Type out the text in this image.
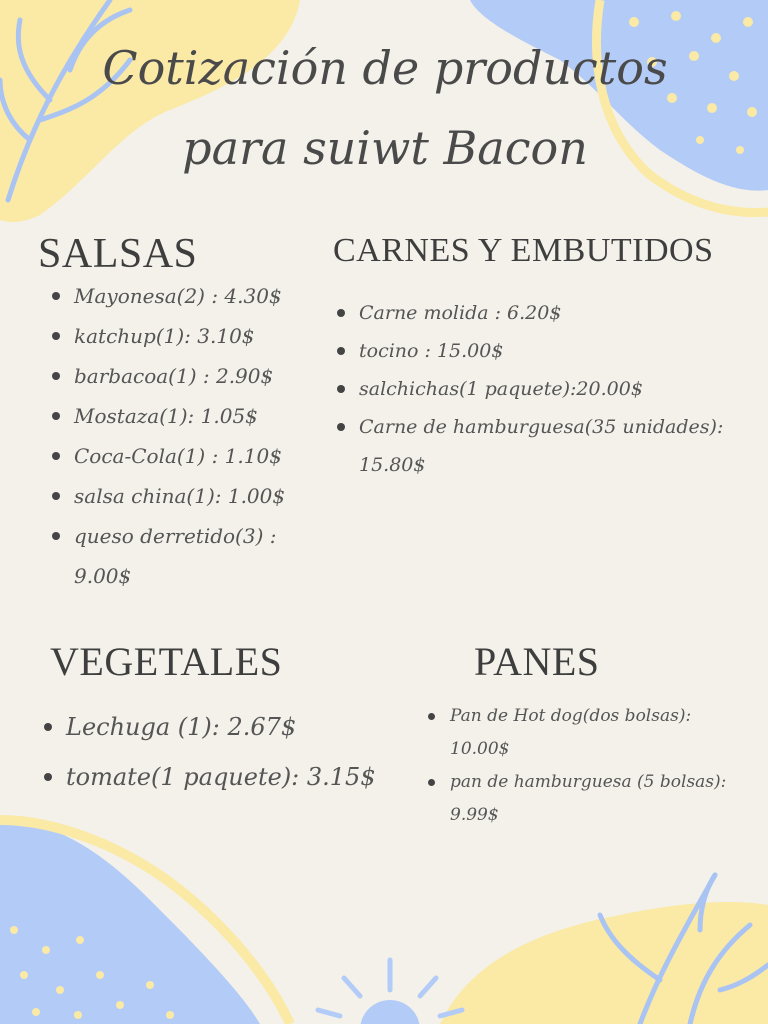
Cotización de productos
para suiwt Bacon
SALSAS
Mayonesa(2) : 4.30$
katchup(1): 3.10$
barbacoa(1) : 2.90$
Mostaza(1): 1.05$
Coca-Cola(1) : 1.10$
salsa china(1): 1.00$
queso derretido(3) : 9.00$
CARNES Y EMBUTIDOS
Carne molida : 6.20$
tocino : 15.00$
salchichas(1 paquete):20.00$
Carne de hamburguesa(35 unidades): 15.80$
VEGETALES
Lechuga (1): 2.67$
tomate(1 paquete): 3.15$
PANES
Pan de Hot dog(dos bolsas): 10.00$
pan de hamburguesa (5 bolsas): 9.99$
